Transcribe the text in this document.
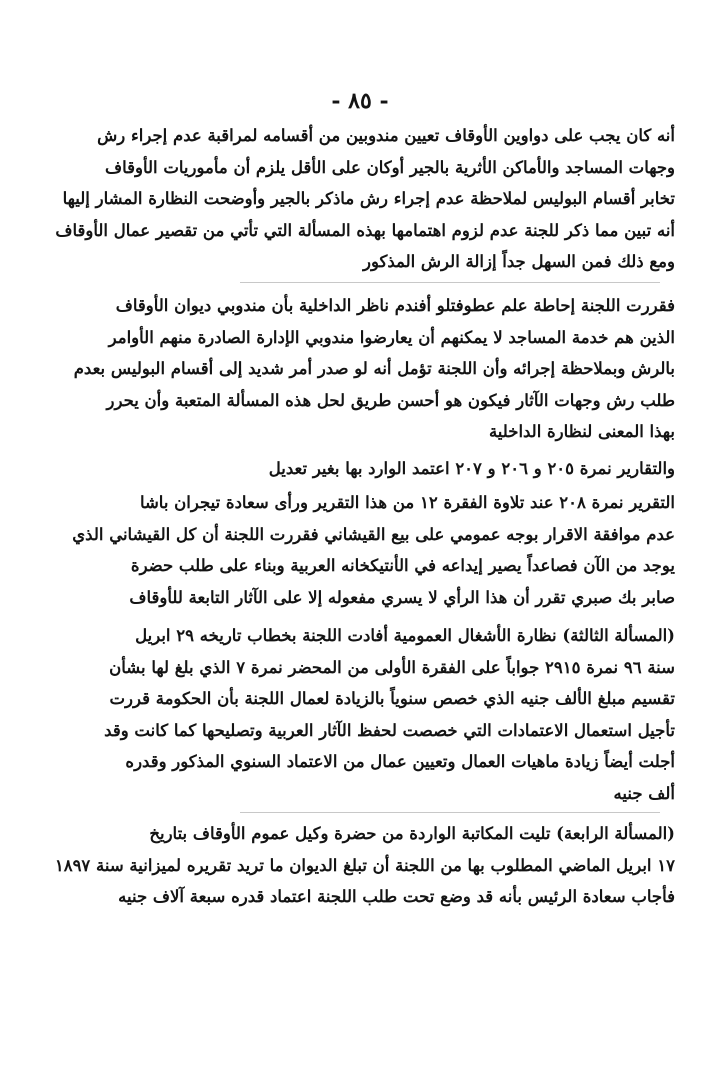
- ٨٥ -
أنه كان يجب على دواوين الأوقاف تعيين مندوبين من أقسامه لمراقبة عدم إجراء رش
وجهات المساجد والأماكن الأثرية بالجير أوكان على الأقل يلزم أن مأموريات الأوقاف
تخابر أقسام البوليس لملاحظة عدم إجراء رش ماذكر بالجير وأوضحت النظارة المشار إليها
أنه تبين مما ذكر للجنة عدم لزوم اهتمامها بهذه المسألة التي تأتي من تقصير عمال الأوقاف
ومع ذلك فمن السهل جداً إزالة الرش المذكور
فقررت اللجنة إحاطة علم عطوفتلو أفندم ناظر الداخلية بأن مندوبي ديوان الأوقاف
الذين هم خدمة المساجد لا يمكنهم أن يعارضوا مندوبي الإدارة الصادرة منهم الأوامر
بالرش وبملاحظة إجرائه وأن اللجنة تؤمل أنه لو صدر أمر شديد إلى أقسام البوليس بعدم
طلب رش وجهات الآثار فيكون هو أحسن طريق لحل هذه المسألة المتعبة وأن يحرر
بهذا المعنى لنظارة الداخلية
والتقارير نمرة ٢٠٥ و ٢٠٦ و ٢٠٧ اعتمد الوارد بها بغير تعديل
التقرير نمرة ٢٠٨ عند تلاوة الفقرة ١٢ من هذا التقرير ورأى سعادة تيجران باشا
عدم موافقة الاقرار بوجه عمومي على بيع القيشاني فقررت اللجنة أن كل القيشاني الذي
يوجد من الآن فصاعداً يصير إيداعه في الأنتيكخانه العربية وبناء على طلب حضرة
صابر بك صبري تقرر أن هذا الرأي لا يسري مفعوله إلا على الآثار التابعة للأوقاف
(المسألة الثالثة) نظارة الأشغال العمومية أفادت اللجنة بخطاب تاريخه ٢٩ ابريل
سنة ٩٦ نمرة ٢٩١٥ جواباً على الفقرة الأولى من المحضر نمرة ٧ الذي بلغ لها بشأن
تقسيم مبلغ الألف جنيه الذي خصص سنوياً بالزيادة لعمال اللجنة بأن الحكومة قررت
تأجيل استعمال الاعتمادات التي خصصت لحفظ الآثار العربية وتصليحها كما كانت وقد
أجلت أيضاً زيادة ماهيات العمال وتعيين عمال من الاعتماد السنوي المذكور وقدره
ألف جنيه
(المسألة الرابعة) تليت المكاتبة الواردة من حضرة وكيل عموم الأوقاف بتاريخ
١٧ ابريل الماضي المطلوب بها من اللجنة أن تبلغ الديوان ما تريد تقريره لميزانية سنة ١٨٩٧
فأجاب سعادة الرئيس بأنه قد وضع تحت طلب اللجنة اعتماد قدره سبعة آلاف جنيه
